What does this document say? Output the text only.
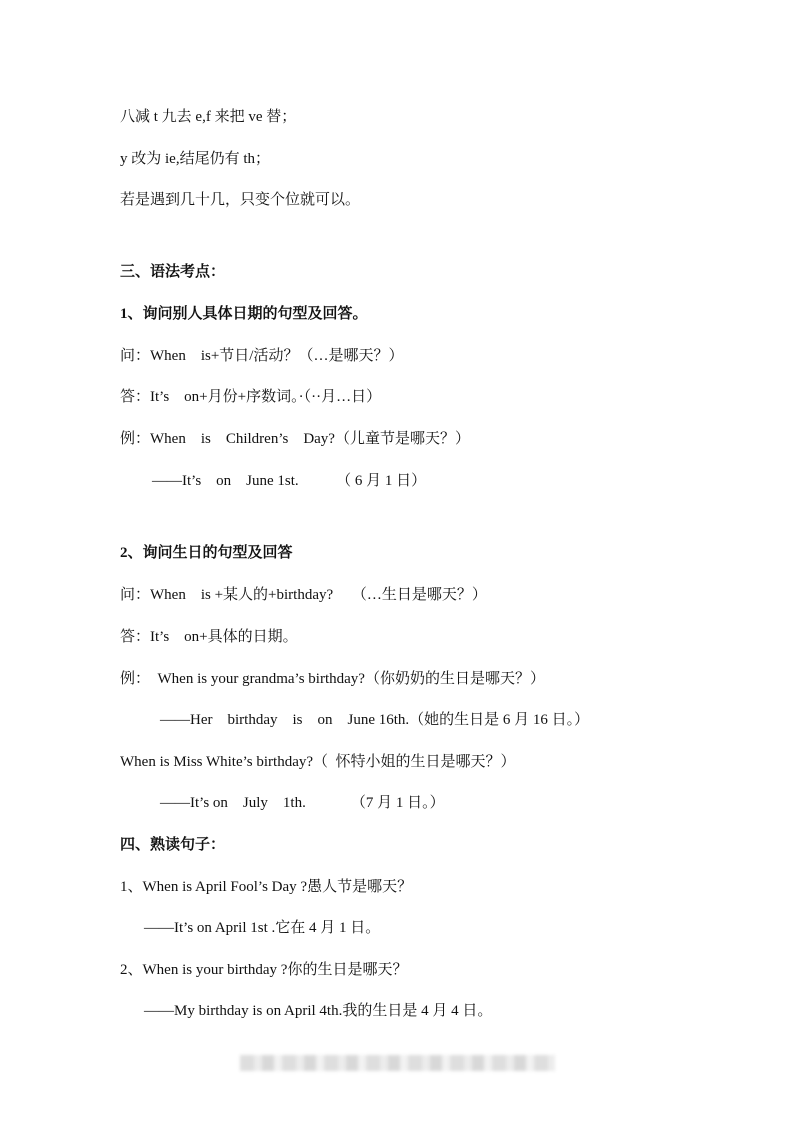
八减 t 九去 e,f 来把 ve 替；

y 改为 ie,结尾仍有 th；

若是遇到几十几，只变个位就可以。

三、语法考点：

1、询问别人具体日期的句型及回答。

问：When    is+节日/活动？（…是哪天？）

答：It’s    on+月份+序数词。·（··月…日）

例：When    is    Children’s    Day?（儿童节是哪天？）

——It’s    on    June 1st.          （ 6 月 1 日）

2、询问生日的句型及回答

问：When    is +某人的+birthday?     （…生日是哪天？）

答：It’s    on+具体的日期。

例：  When is your grandma’s birthday?（你奶奶的生日是哪天？）

——Her    birthday    is    on    June 16th.（她的生日是 6 月 16 日。）

When is Miss White’s birthday?（  怀特小姐的生日是哪天？）

——It’s on    July    1th.            （7 月 1 日。）

四、熟读句子：

1、When is April Fool’s Day ?愚人节是哪天？

——It’s on April 1st .它在 4 月 1 日。

2、When is your birthday ?你的生日是哪天？

——My birthday is on April 4th.我的生日是 4 月 4 日。
